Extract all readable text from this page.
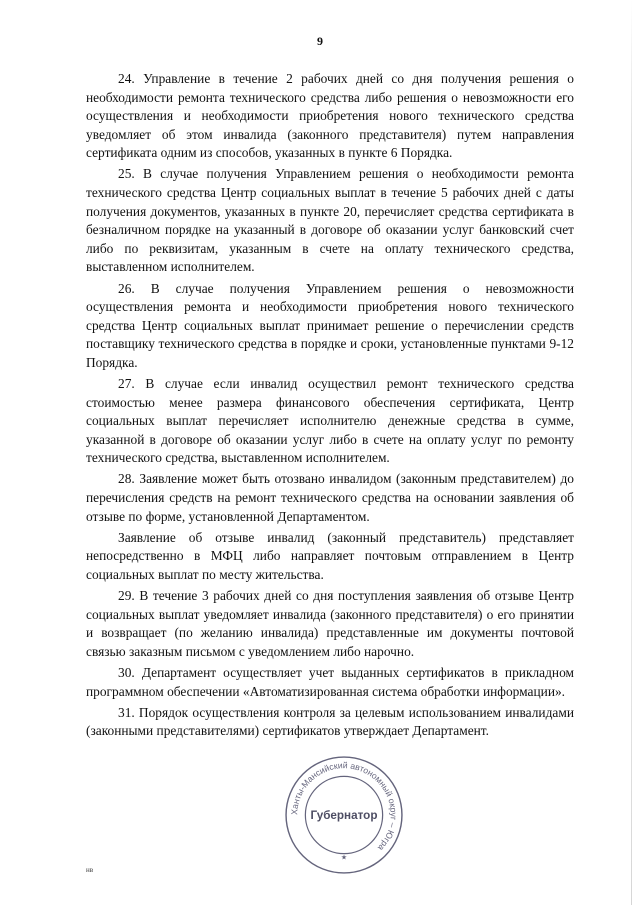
9

24. Управление в течение 2 рабочих дней со дня получения решения о необходимости ремонта технического средства либо решения о невозможности его осуществления и необходимости приобретения нового технического средства уведомляет об этом инвалида (законного представителя) путем направления сертификата одним из способов, указанных в пункте 6 Порядка.

25. В случае получения Управлением решения о необходимости ремонта технического средства Центр социальных выплат в течение 5 рабочих дней с даты получения документов, указанных в пункте 20, перечисляет средства сертификата в безналичном порядке на указанный в договоре об оказании услуг банковский счет либо по реквизитам, указанным в счете на оплату технического средства, выставленном исполнителем.

26. В случае получения Управлением решения о невозможности осуществления ремонта и необходимости приобретения нового технического средства Центр социальных выплат принимает решение о перечислении средств поставщику технического средства в порядке и сроки, установленные пунктами 9-12 Порядка.

27. В случае если инвалид осуществил ремонт технического средства стоимостью менее размера финансового обеспечения сертификата, Центр социальных выплат перечисляет исполнителю денежные средства в сумме, указанной в договоре об оказании услуг либо в счете на оплату услуг по ремонту технического средства, выставленном исполнителем.

28. Заявление может быть отозвано инвалидом (законным представителем) до перечисления средств на ремонт технического средства на основании заявления об отзыве по форме, установленной Департаментом.

Заявление об отзыве инвалид (законный представитель) представляет непосредственно в МФЦ либо направляет почтовым отправлением в Центр социальных выплат по месту жительства.

29. В течение 3 рабочих дней со дня поступления заявления об отзыве Центр социальных выплат уведомляет инвалида (законного представителя) о его принятии и возвращает (по желанию инвалида) представленные им документы почтовой связью заказным письмом с уведомлением либо нарочно.

30. Департамент осуществляет учет выданных сертификатов в прикладном программном обеспечении «Автоматизированная система обработки информации».

31. Порядок осуществления контроля за целевым использованием инвалидами (законными представителями) сертификатов утверждает Департамент.

Ханты-Мансийский автономный округ – Югра
Губернатор
★
нв
